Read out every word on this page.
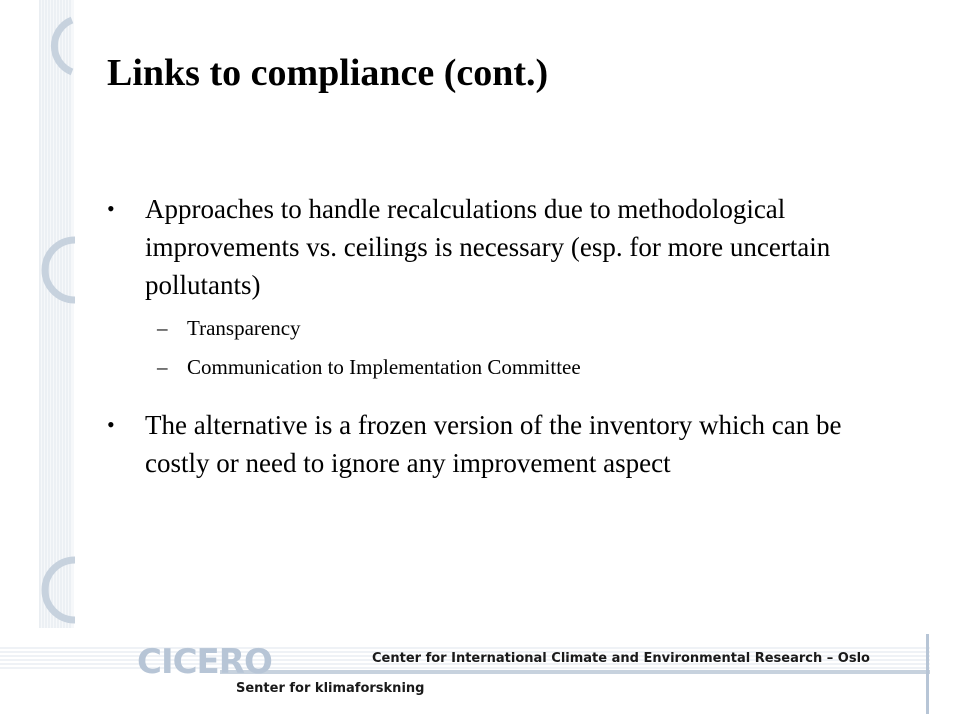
Links to compliance (cont.)
• Approaches to handle recalculations due to methodological improvements vs. ceilings is necessary (esp. for more uncertain pollutants)
– Transparency
– Communication to Implementation Committee
• The alternative is a frozen version of the inventory which can be costly or need to ignore any improvement aspect
CICERO	Center for International Climate and Environmental Research – Oslo
Senter for klimaforskning
